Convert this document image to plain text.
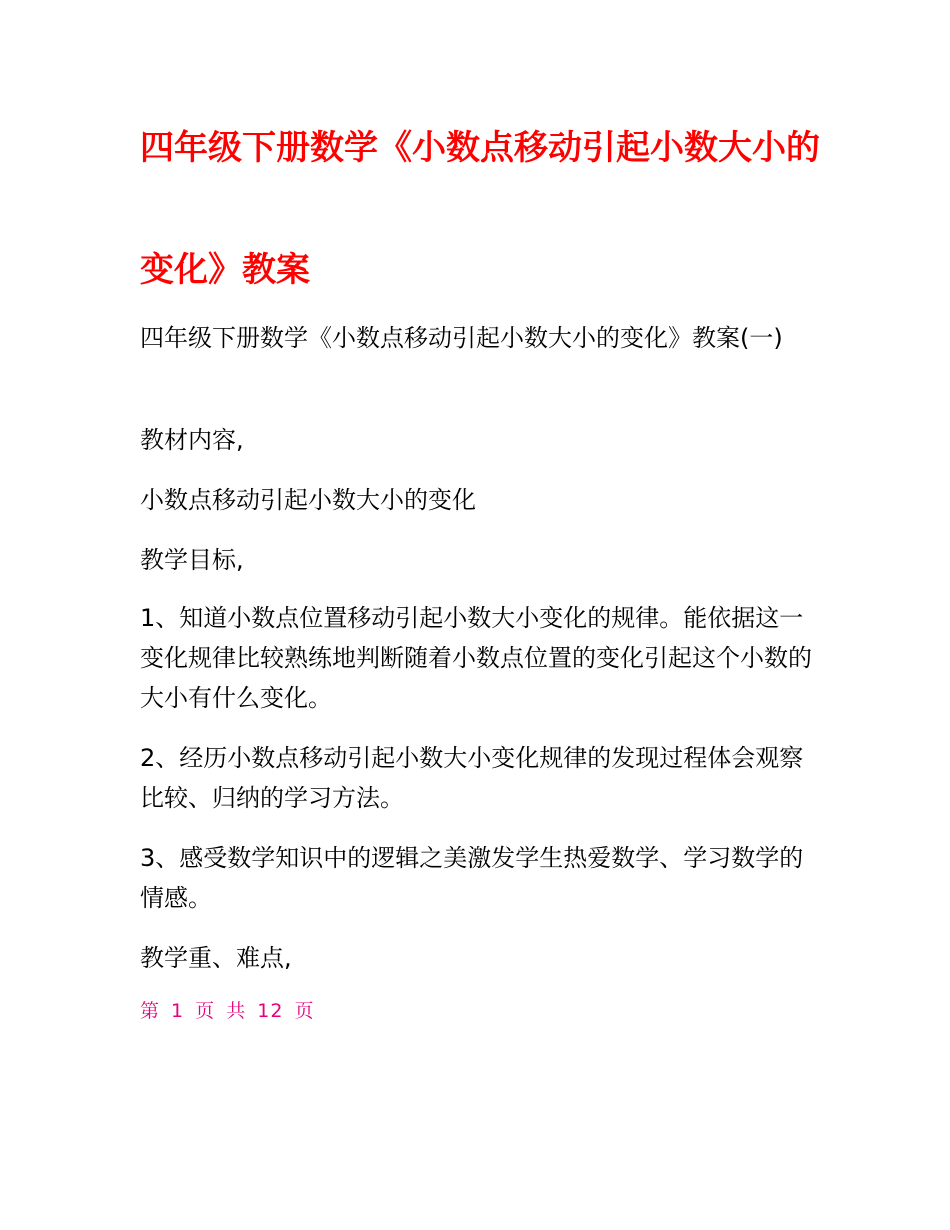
四年级下册数学《小数点移动引起小数大小的
变化》教案

四年级下册数学《小数点移动引起小数大小的变化》教案(一)

教材内容,

小数点移动引起小数大小的变化

教学目标,

1、知道小数点位置移动引起小数大小变化的规律。能依据这一变化规律比较熟练地判断随着小数点位置的变化引起这个小数的大小有什么变化。

2、经历小数点移动引起小数大小变化规律的发现过程体会观察比较、归纳的学习方法。

3、感受数学知识中的逻辑之美激发学生热爱数学、学习数学的情感。

教学重、难点,

第 1 页 共 12 页
